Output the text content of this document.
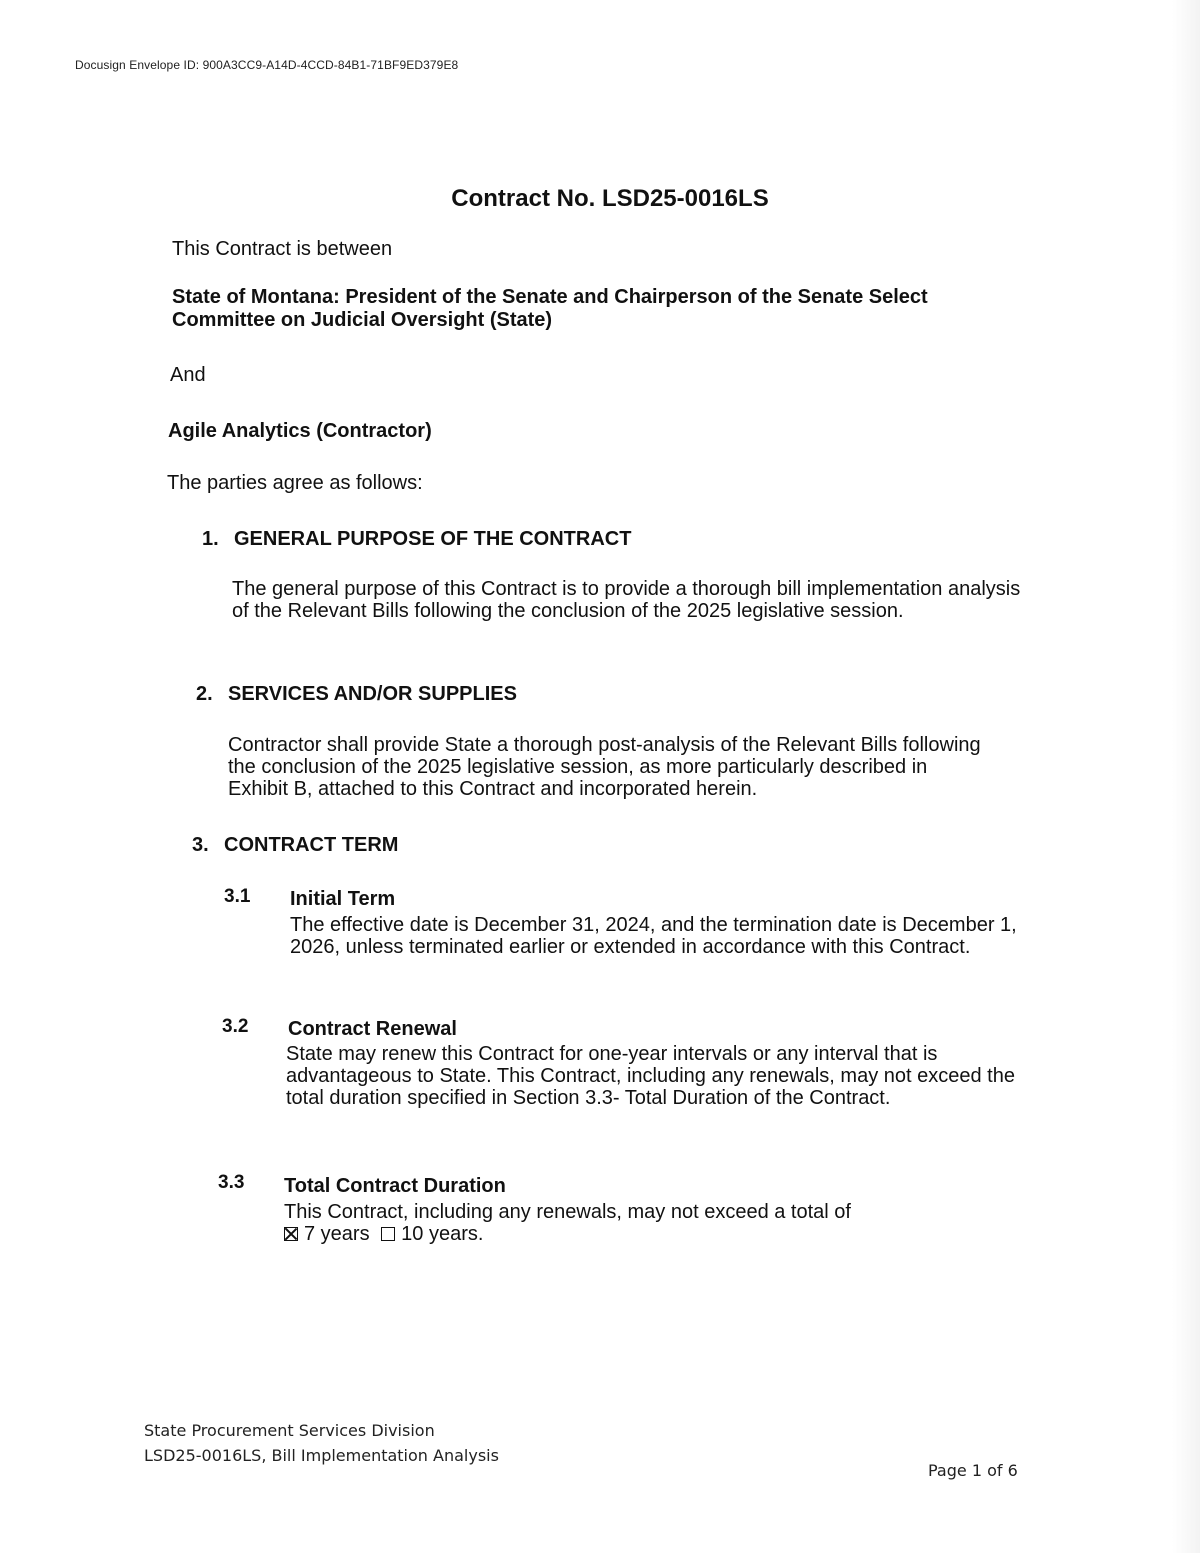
Docusign Envelope ID: 900A3CC9-A14D-4CCD-84B1-71BF9ED379E8
Contract No. LSD25-0016LS
This Contract is between
State of Montana: President of the Senate and Chairperson of the Senate Select Committee on Judicial Oversight (State)
And
Agile Analytics (Contractor)
The parties agree as follows:
1. GENERAL PURPOSE OF THE CONTRACT
The general purpose of this Contract is to provide a thorough bill implementation analysis of the Relevant Bills following the conclusion of the 2025 legislative session.
2. SERVICES AND/OR SUPPLIES
Contractor shall provide State a thorough post-analysis of the Relevant Bills following the conclusion of the 2025 legislative session, as more particularly described in Exhibit B, attached to this Contract and incorporated herein.
3. CONTRACT TERM
3.1 Initial Term
The effective date is December 31, 2024, and the termination date is December 1, 2026, unless terminated earlier or extended in accordance with this Contract.
3.2 Contract Renewal
State may renew this Contract for one-year intervals or any interval that is advantageous to State. This Contract, including any renewals, may not exceed the total duration specified in Section 3.3- Total Duration of the Contract.
3.3 Total Contract Duration
This Contract, including any renewals, may not exceed a total of
7 years 10 years.
State Procurement Services Division
LSD25-0016LS, Bill Implementation Analysis
Page 1 of 6
